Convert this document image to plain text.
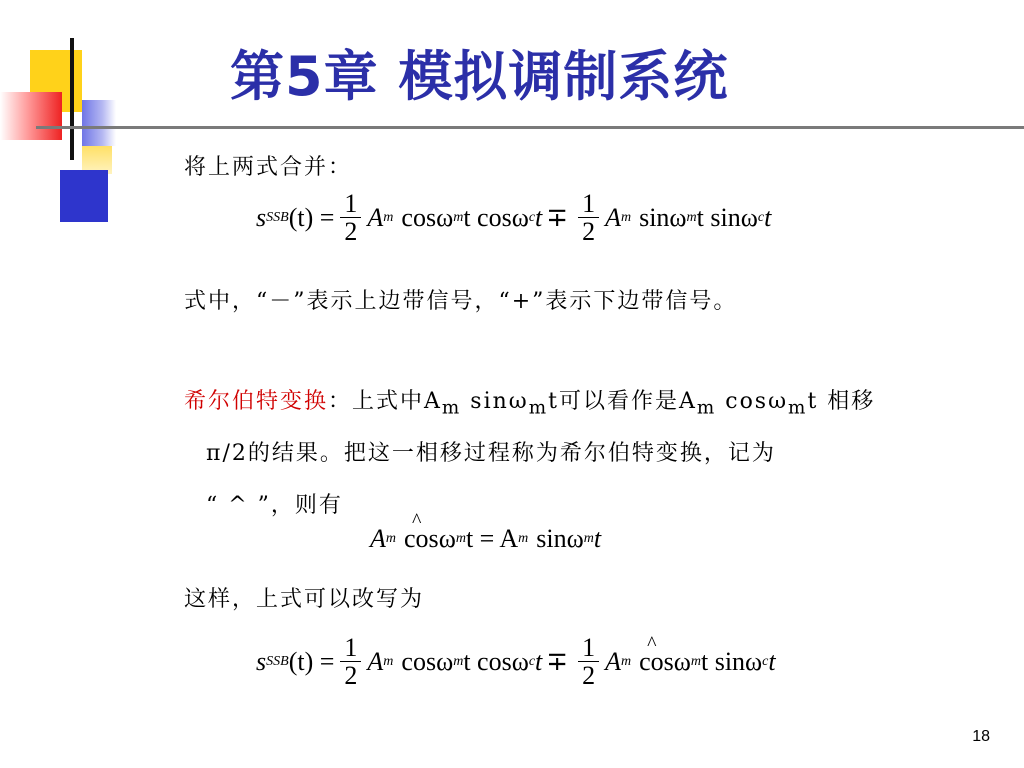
第5章 模拟调制系统
将上两式合并：
s SSB $(t) = \frac{1}{2}$ A m cosω m t cosω c $t \mp \frac{1}{2}$ A m sinω m t sinω c t
式中，“－”表示上边带信号，“+”表示下边带信号。
希尔伯特变换：上式中$A_m$ sinω$_m$t可以看作是$A_m$ cosω$_m$t 相移
π/2的结果。把这一相移过程称为希尔伯特变换，记为
“ ^ ”，则有
A m ^ cos ω m t = A m sinω m t
这样，上式可以改写为
s SSB $(t) = \frac{1}{2}$ A m cosω m t cosω c $t \mp \frac{1}{2}$ A m ^ cosω m t sinω c t
18
